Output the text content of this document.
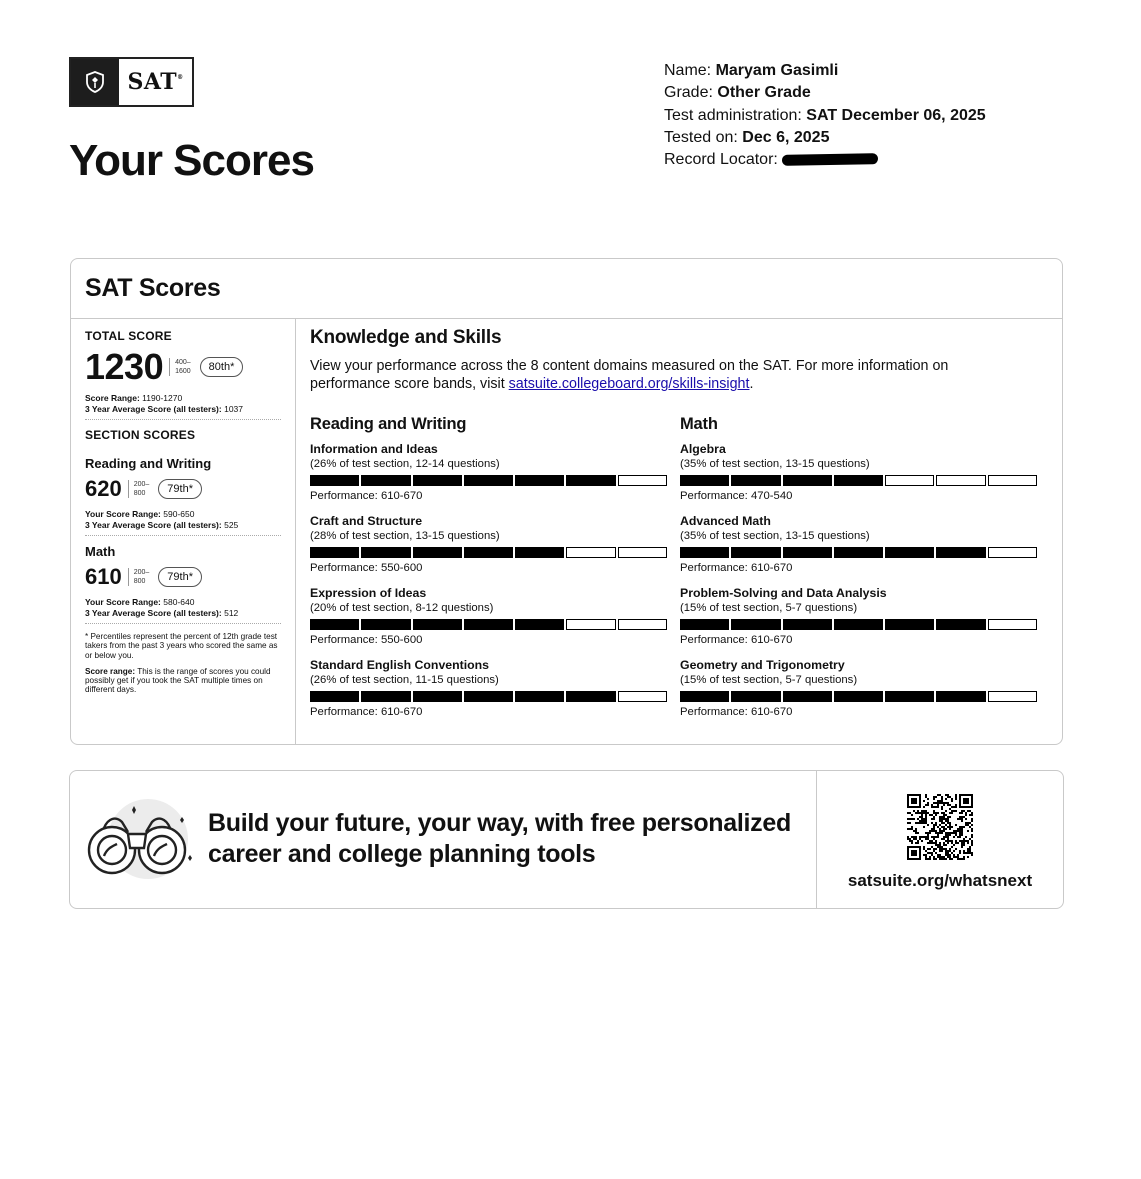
SAT®
Your Scores
Name: Maryam Gasimli
Grade: Other Grade
Test administration: SAT December 06, 2025
Tested on: Dec 6, 2025
Record Locator:
SAT Scores
TOTAL SCORE
1230	400–
1600	80th*
Score Range: 1190-1270
3 Year Average Score (all testers): 1037
SECTION SCORES
Reading and Writing
620	200–
800	79th*
Your Score Range: 590-650
3 Year Average Score (all testers): 525
Math
610	200–
800	79th*
Your Score Range: 580-640
3 Year Average Score (all testers): 512
* Percentiles represent the percent of 12th grade test takers from the past 3 years who scored the same as or below you.
Score range: This is the range of scores you could possibly get if you took the SAT multiple times on different days.
Knowledge and Skills
View your performance across the 8 content domains measured on the SAT. For more information on performance score bands, visit satsuite.collegeboard.org/skills-insight.
Reading and Writing
Information and Ideas
(26% of test section, 12-14 questions)
Performance: 610-670
Craft and Structure
(28% of test section, 13-15 questions)
Performance: 550-600
Expression of Ideas
(20% of test section, 8-12 questions)
Performance: 550-600
Standard English Conventions
(26% of test section, 11-15 questions)
Performance: 610-670
Math
Algebra
(35% of test section, 13-15 questions)
Performance: 470-540
Advanced Math
(35% of test section, 13-15 questions)
Performance: 610-670
Problem-Solving and Data Analysis
(15% of test section, 5-7 questions)
Performance: 610-670
Geometry and Trigonometry
(15% of test section, 5-7 questions)
Performance: 610-670
Build your future, your way, with free personalized
career and college planning tools
satsuite.org/whatsnext
